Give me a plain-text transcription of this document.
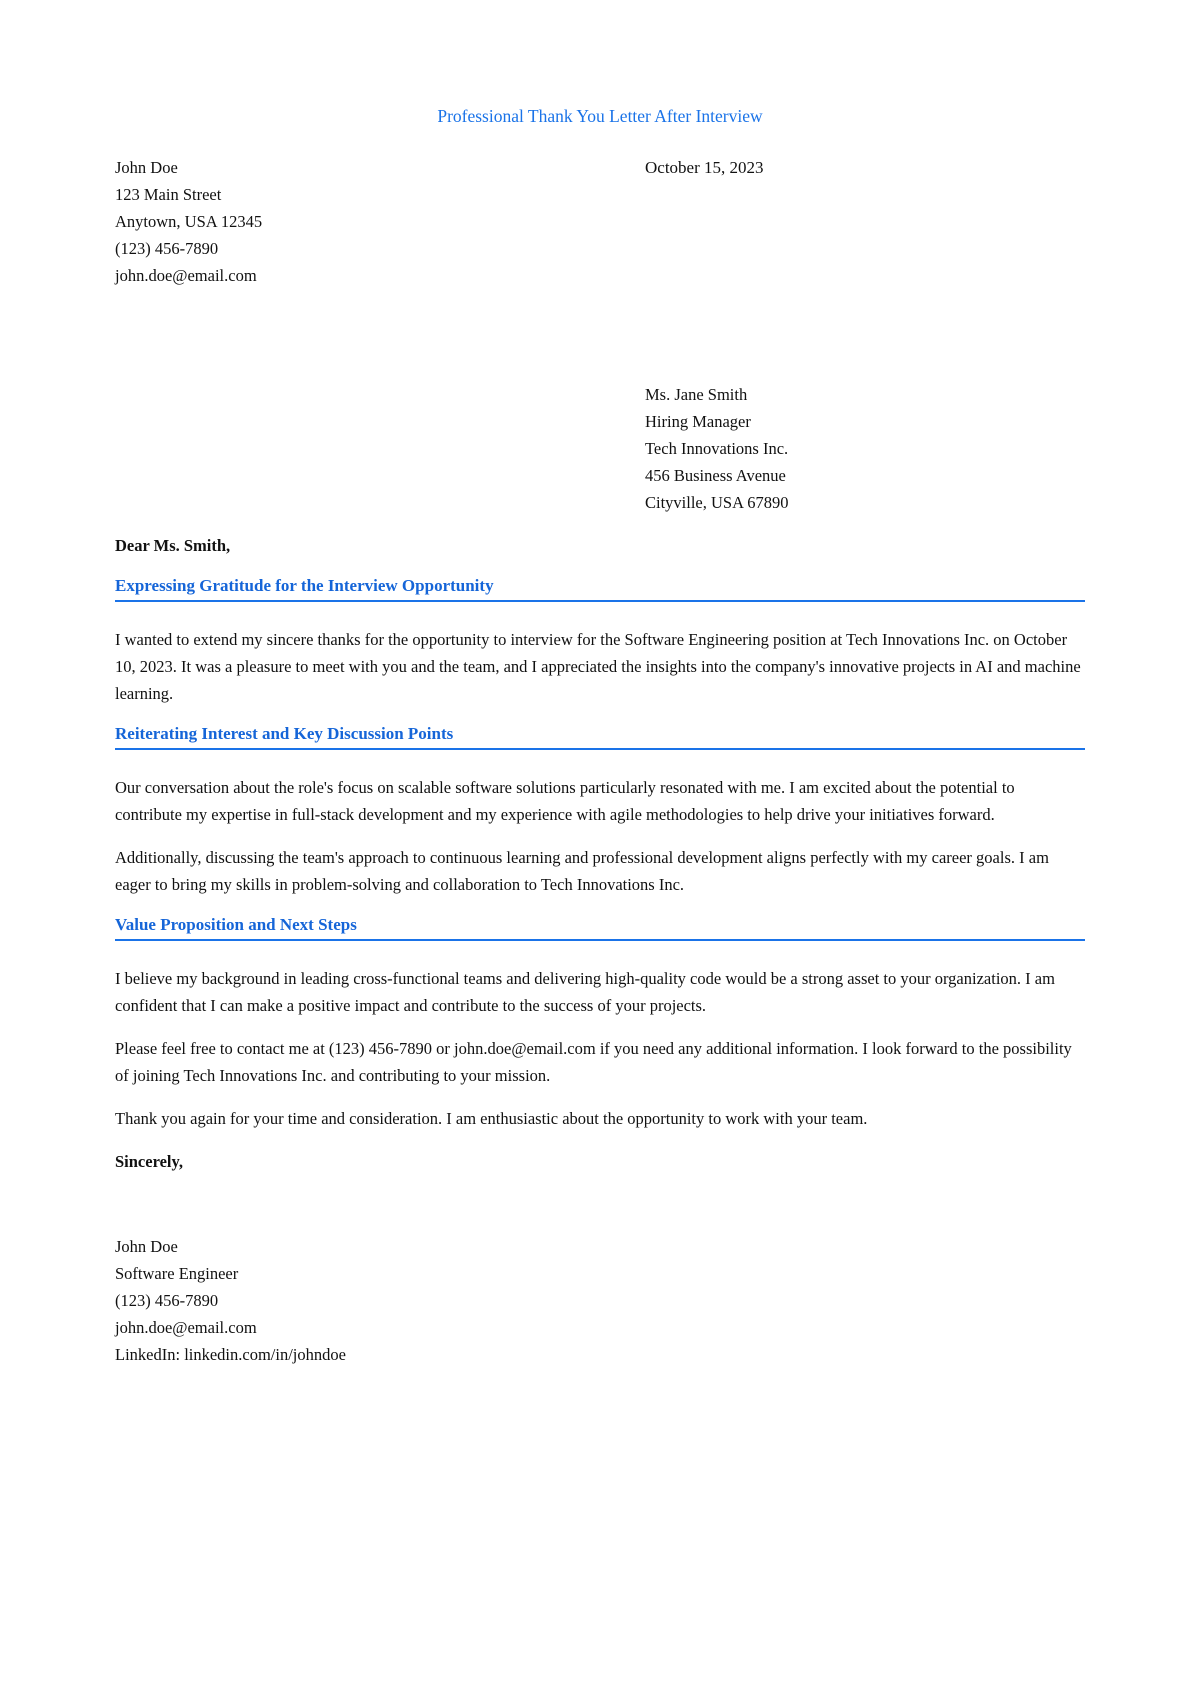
Professional Thank You Letter After Interview
John Doe
123 Main Street
Anytown, USA 12345
(123) 456-7890
john.doe@email.com
October 15, 2023
Ms. Jane Smith
Hiring Manager
Tech Innovations Inc.
456 Business Avenue
Cityville, USA 67890
Dear Ms. Smith,
Expressing Gratitude for the Interview Opportunity

I wanted to extend my sincere thanks for the opportunity to interview for the Software Engineering position at Tech Innovations Inc. on October 10, 2023. It was a pleasure to meet with you and the team, and I appreciated the insights into the company's innovative projects in AI and machine learning.

Reiterating Interest and Key Discussion Points

Our conversation about the role's focus on scalable software solutions particularly resonated with me. I am excited about the potential to contribute my expertise in full-stack development and my experience with agile methodologies to help drive your initiatives forward.

Additionally, discussing the team's approach to continuous learning and professional development aligns perfectly with my career goals. I am eager to bring my skills in problem-solving and collaboration to Tech Innovations Inc.

Value Proposition and Next Steps

I believe my background in leading cross-functional teams and delivering high-quality code would be a strong asset to your organization. I am confident that I can make a positive impact and contribute to the success of your projects.

Please feel free to contact me at (123) 456-7890 or john.doe@email.com if you need any additional information. I look forward to the possibility of joining Tech Innovations Inc. and contributing to your mission.

Thank you again for your time and consideration. I am enthusiastic about the opportunity to work with your team.

Sincerely,
John Doe
Software Engineer
(123) 456-7890
john.doe@email.com
LinkedIn: linkedin.com/in/johndoe
